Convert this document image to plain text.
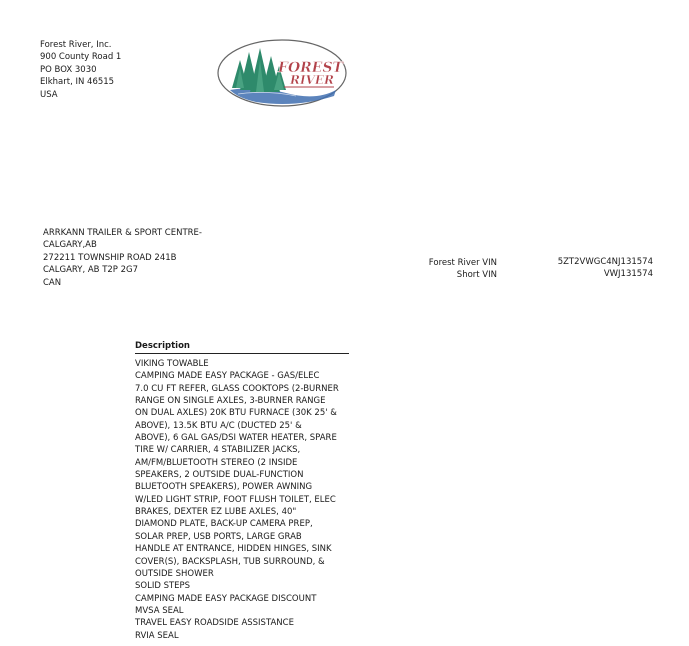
Forest River, Inc.
900 County Road 1
PO BOX 3030
Elkhart, IN 46515
USA
FOREST
RIVER
ARRKANN TRAILER & SPORT CENTRE-
CALGARY,AB
272211 TOWNSHIP ROAD 241B
CALGARY, AB T2P 2G7
CAN
Forest River VIN
Short VIN
5ZT2VWGC4NJ131574
VWJ131574
Description
VIKING TOWABLE
CAMPING MADE EASY PACKAGE - GAS/ELEC
7.0 CU FT REFER, GLASS COOKTOPS (2-BURNER
RANGE ON SINGLE AXLES, 3-BURNER RANGE
ON DUAL AXLES) 20K BTU FURNACE (30K 25' &
ABOVE), 13.5K BTU A/C (DUCTED 25' &
ABOVE), 6 GAL GAS/DSI WATER HEATER, SPARE
TIRE W/ CARRIER, 4 STABILIZER JACKS,
AM/FM/BLUETOOTH STEREO (2 INSIDE
SPEAKERS, 2 OUTSIDE DUAL-FUNCTION
BLUETOOTH SPEAKERS), POWER AWNING
W/LED LIGHT STRIP, FOOT FLUSH TOILET, ELEC
BRAKES, DEXTER EZ LUBE AXLES, 40"
DIAMOND PLATE, BACK-UP CAMERA PREP,
SOLAR PREP, USB PORTS, LARGE GRAB
HANDLE AT ENTRANCE, HIDDEN HINGES, SINK
COVER(S), BACKSPLASH, TUB SURROUND, &
OUTSIDE SHOWER
SOLID STEPS
CAMPING MADE EASY PACKAGE DISCOUNT
MVSA SEAL
TRAVEL EASY ROADSIDE ASSISTANCE
RVIA SEAL
